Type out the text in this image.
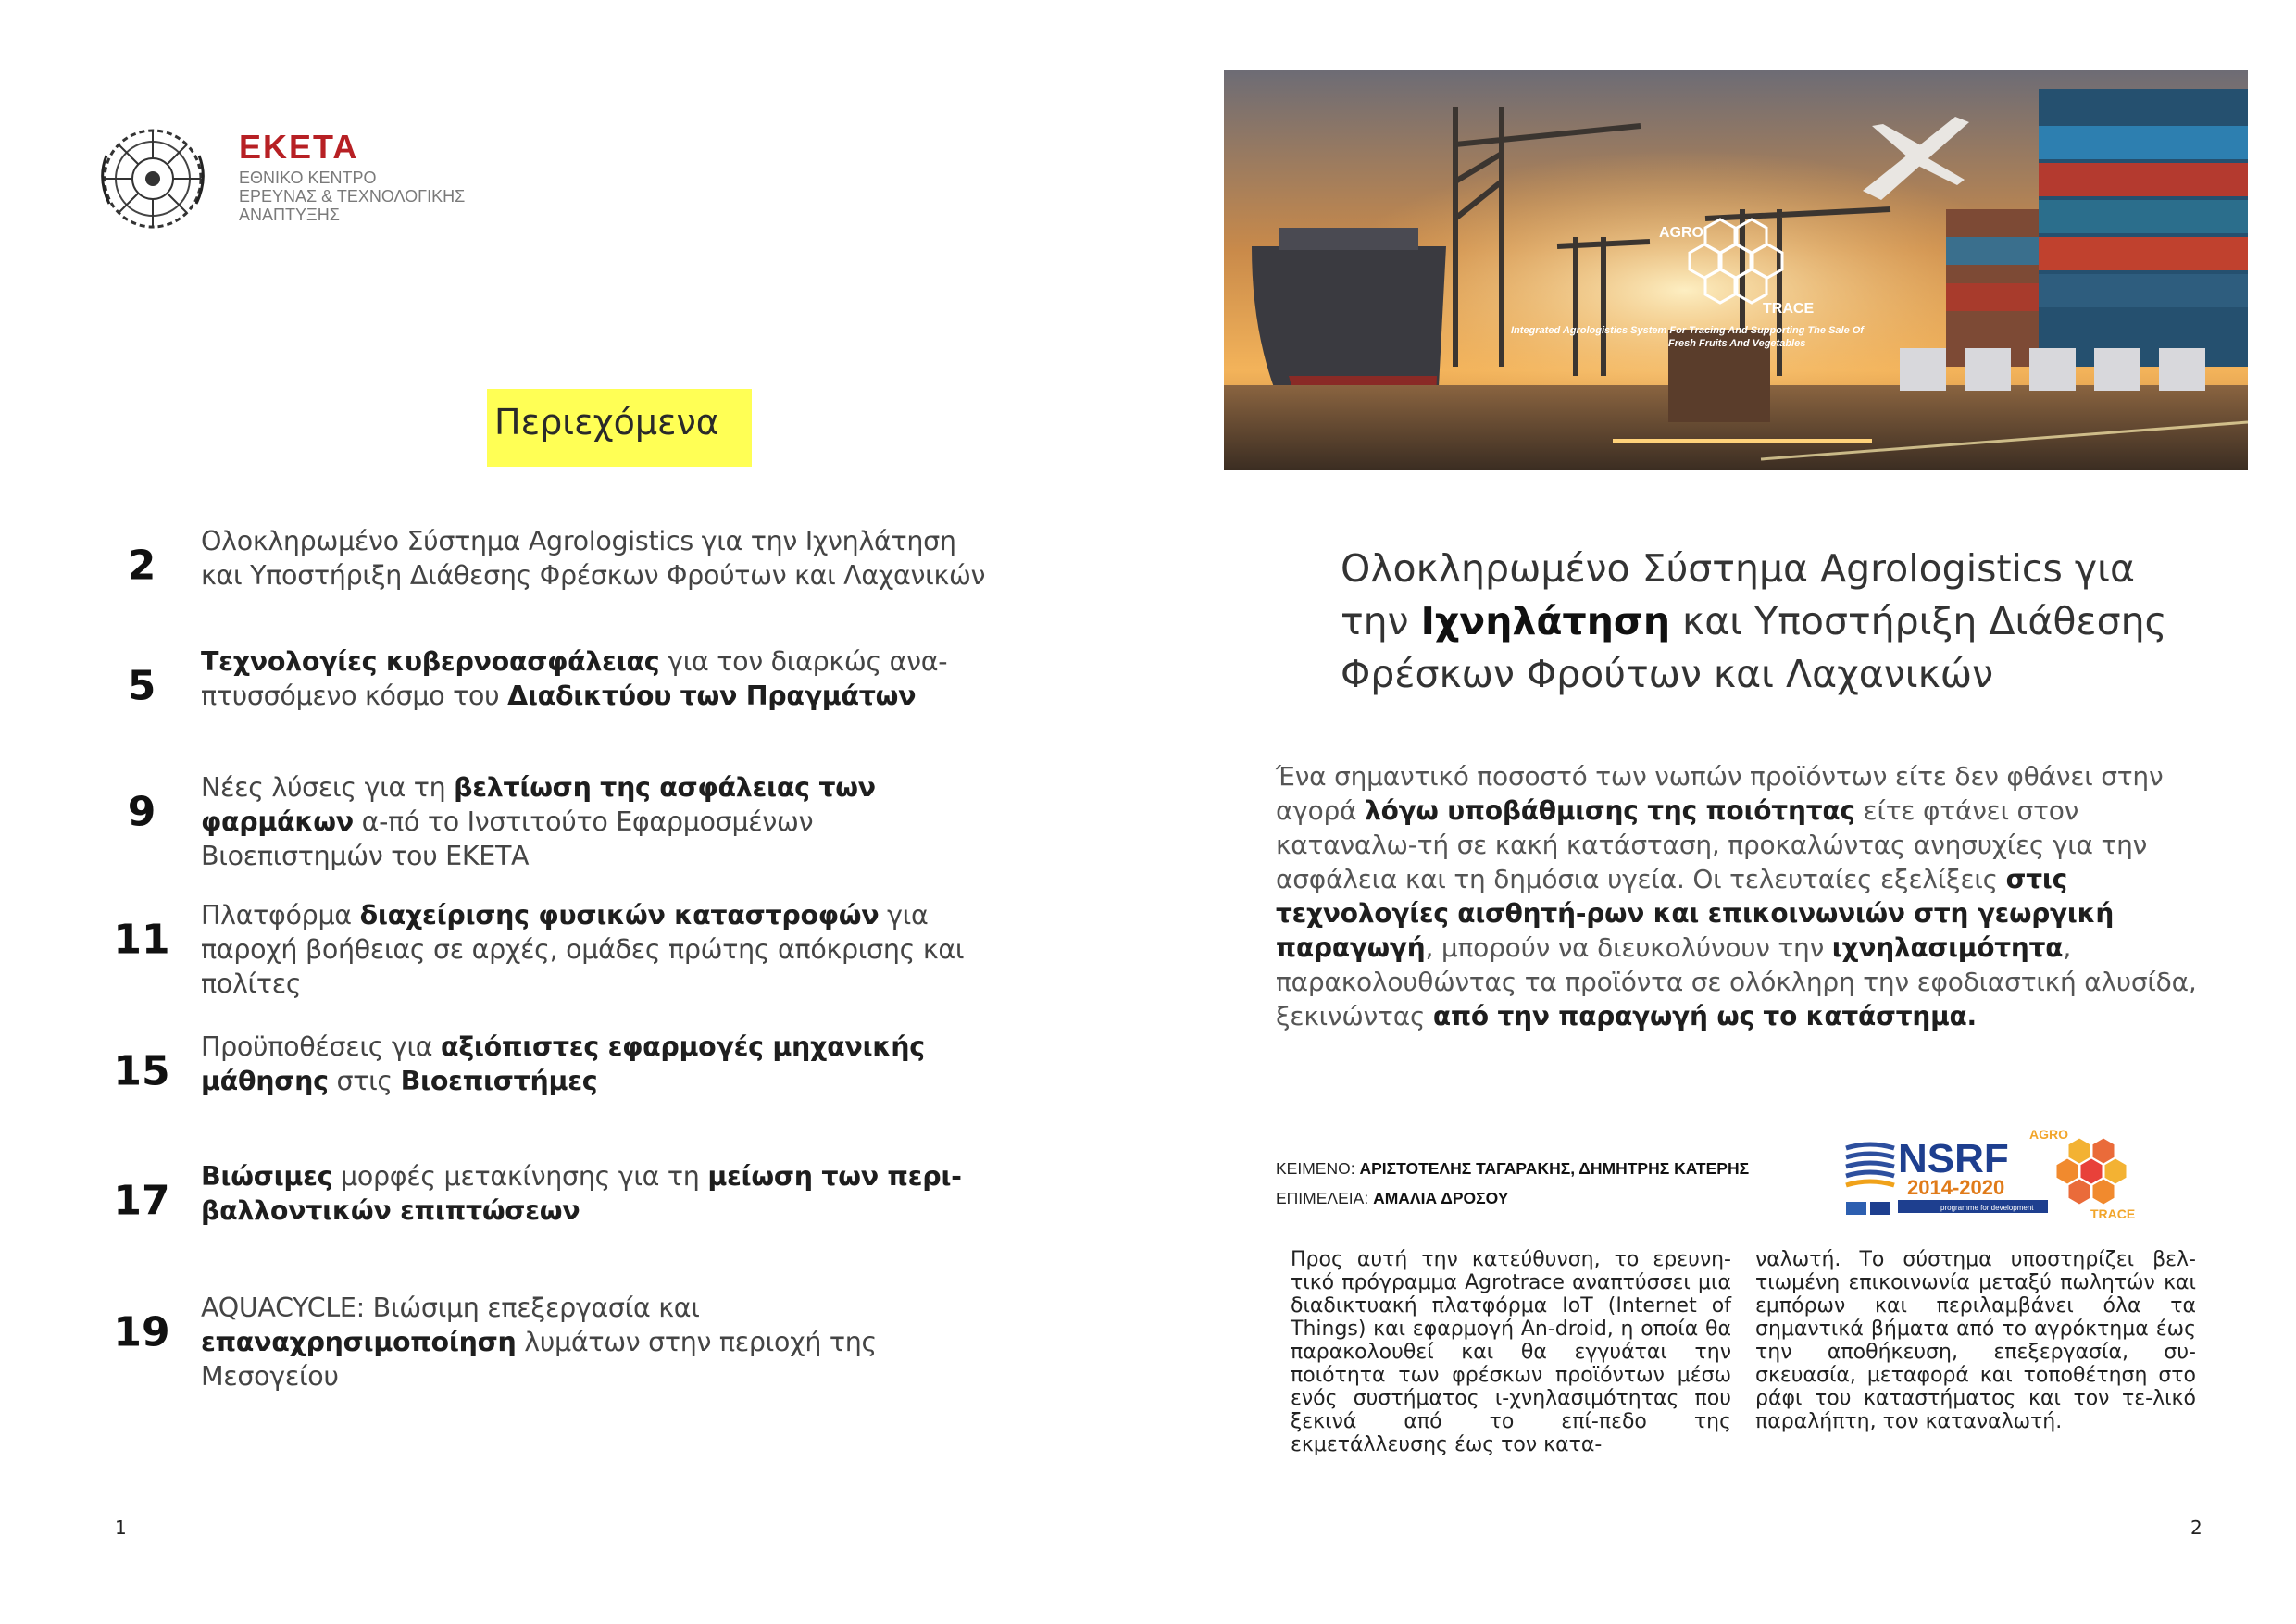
ΕΚΕΤΑ
ΕΘΝΙΚΟ ΚΕΝΤΡΟ
ΕΡΕΥΝΑΣ & ΤΕΧΝΟΛΟΓΙΚΗΣ
ΑΝΑΠΤΥΞΗΣ
Περιεχόμενα
2
Ολοκληρωμένο Σύστημα Agrologistics για την Ιχνηλάτηση και Υποστήριξη Διάθεσης Φρέσκων Φρούτων και Λαχανικών
5
Τεχνολογίες κυβερνοασφάλειας για τον διαρκώς ανα-πτυσσόμενο κόσμο του Διαδικτύου των Πραγμάτων
9
Νέες λύσεις για τη βελτίωση της ασφάλειας των φαρμάκων α-πό το Ινστιτούτο Εφαρμοσμένων Βιοεπιστημών του ΕΚΕΤΑ
11
Πλατφόρμα διαχείρισης φυσικών καταστροφών για παροχή βοήθειας σε αρχές, ομάδες πρώτης απόκρισης και πολίτες
15
Προϋποθέσεις για αξιόπιστες εφαρμογές μηχανικής μάθησης στις Βιοεπιστήμες
17
Βιώσιμες μορφές μετακίνησης για τη μείωση των περι-βαλλοντικών επιπτώσεων
19
AQUACYCLE: Βιώσιμη επεξεργασία και επαναχρησιμοποίηση λυμάτων στην περιοχή της Μεσογείου
1
AGRO
TRACE
Integrated Agrologistics System For Tracing And Supporting The Sale Of
Fresh Fruits And Vegetables
Ολοκληρωμένο Σύστημα Agrologistics για την Ιχνηλάτηση και Υποστήριξη Διάθεσης Φρέσκων Φρούτων και Λαχανικών
Ένα σημαντικό ποσοστό των νωπών προϊόντων είτε δεν φθάνει στην αγορά λόγω υποβάθμισης της ποιότητας είτε φτάνει στον καταναλω-τή σε κακή κατάσταση, προκαλώντας ανησυχίες για την ασφάλεια και τη δημόσια υγεία. Οι τελευταίες εξελίξεις στις τεχνολογίες αισθητή-ρων και επικοινωνιών στη γεωργική παραγωγή, μπορούν να διευκολύνουν την ιχνηλασιμότητα, παρακολουθώντας τα προϊόντα σε ολόκληρη την εφοδιαστική αλυσίδα, ξεκινώντας από την παραγωγή ως το κατάστημα.
ΚΕΙΜΕΝΟ: ΑΡΙΣΤΟΤΕΛΗΣ ΤΑΓΑΡΑΚΗΣ, ΔΗΜΗΤΡΗΣ ΚΑΤΕΡΗΣ
ΕΠΙΜΕΛΕΙΑ: ΑΜΑΛΙΑ ΔΡΟΣΟΥ
NSRF
2014-2020
programme for development
AGRO
TRACE
Προς αυτή την κατεύθυνση, το ερευνη-τικό πρόγραμμα Agrotrace αναπτύσσει μια διαδικτυακή πλατφόρμα IoT (Internet of Things) και εφαρμογή An-droid, η οποία θα παρακολουθεί και θα εγγυάται την ποιότητα των φρέσκων προϊόντων μέσω ενός συστήματος ι-χνηλασιμότητας που ξεκινά από το επί-πεδο της εκμετάλλευσης έως τον κατα-
ναλωτή. Το σύστημα υποστηρίζει βελ-τιωμένη επικοινωνία μεταξύ πωλητών και εμπόρων και περιλαμβάνει όλα τα σημαντικά βήματα από το αγρόκτημα έως την αποθήκευση, επεξεργασία, συ-σκευασία, μεταφορά και τοποθέτηση στο ράφι του καταστήματος και τον τε-λικό παραλήπτη, τον καταναλωτή.
2
